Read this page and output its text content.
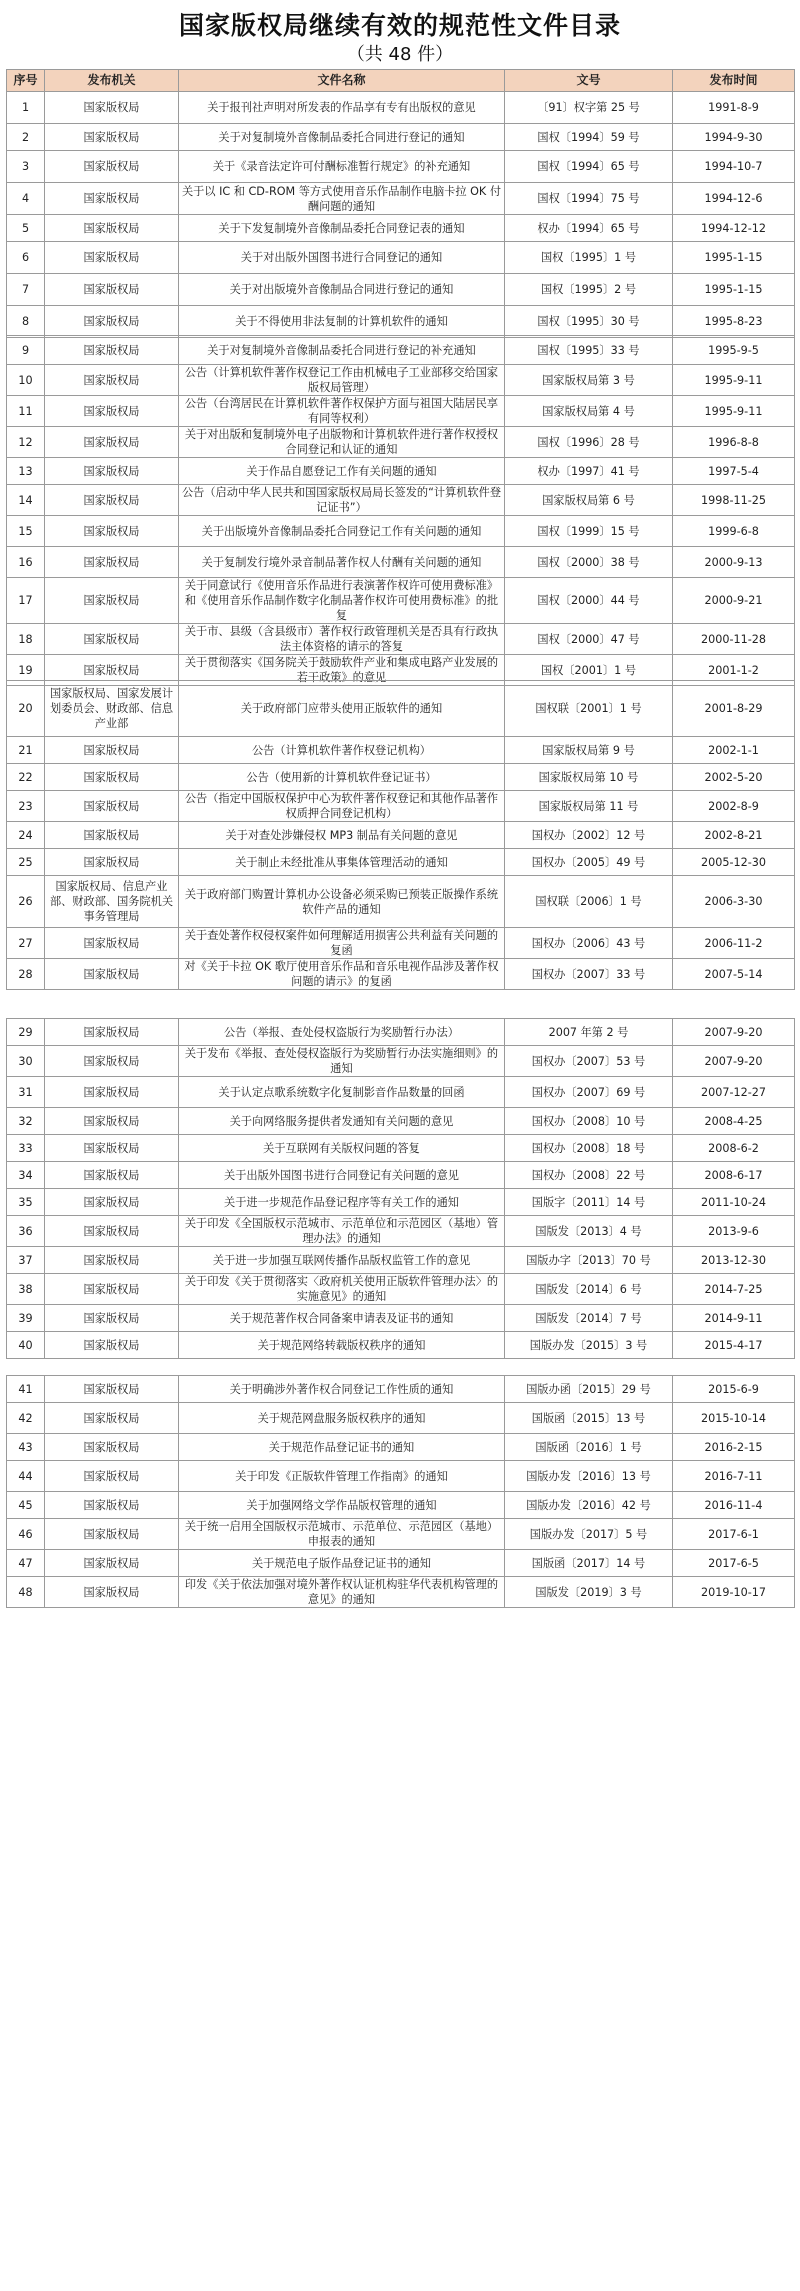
国家版权局继续有效的规范性文件目录
（共 48 件）
序号	发布机关	文件名称	文号	发布时间
1	国家版权局	关于报刊社声明对所发表的作品享有专有出版权的意见	〔91〕权字第 25 号	1991-8-9
2	国家版权局	关于对复制境外音像制品委托合同进行登记的通知	国权〔1994〕59 号	1994-9-30
3	国家版权局	关于《录音法定许可付酬标准暂行规定》的补充通知	国权〔1994〕65 号	1994-10-7
4	国家版权局	关于以 IC 和 CD-ROM 等方式使用音乐作品制作电脑卡拉 OK 付酬问题的通知	国权〔1994〕75 号	1994-12-6
5	国家版权局	关于下发复制境外音像制品委托合同登记表的通知	权办〔1994〕65 号	1994-12-12
6	国家版权局	关于对出版外国图书进行合同登记的通知	国权〔1995〕1 号	1995-1-15
7	国家版权局	关于对出版境外音像制品合同进行登记的通知	国权〔1995〕2 号	1995-1-15
8	国家版权局	关于不得使用非法复制的计算机软件的通知	国权〔1995〕30 号	1995-8-23
9	国家版权局	关于对复制境外音像制品委托合同进行登记的补充通知	国权〔1995〕33 号	1995-9-5
10	国家版权局	公告（计算机软件著作权登记工作由机械电子工业部移交给国家版权局管理）	国家版权局第 3 号	1995-9-11
11	国家版权局	公告（台湾居民在计算机软件著作权保护方面与祖国大陆居民享有同等权利）	国家版权局第 4 号	1995-9-11
12	国家版权局	关于对出版和复制境外电子出版物和计算机软件进行著作权授权合同登记和认证的通知	国权〔1996〕28 号	1996-8-8
13	国家版权局	关于作品自愿登记工作有关问题的通知	权办〔1997〕41 号	1997-5-4
14	国家版权局	公告（启动中华人民共和国国家版权局局长签发的“计算机软件登记证书”）	国家版权局第 6 号	1998-11-25
15	国家版权局	关于出版境外音像制品委托合同登记工作有关问题的通知	国权〔1999〕15 号	1999-6-8
16	国家版权局	关于复制发行境外录音制品著作权人付酬有关问题的通知	国权〔2000〕38 号	2000-9-13
17	国家版权局	关于同意试行《使用音乐作品进行表演著作权许可使用费标准》和《使用音乐作品制作数字化制品著作权许可使用费标准》的批复	国权〔2000〕44 号	2000-9-21
18	国家版权局	关于市、县级（含县级市）著作权行政管理机关是否具有行政执法主体资格的请示的答复	国权〔2000〕47 号	2000-11-28
19	国家版权局	关于贯彻落实《国务院关于鼓励软件产业和集成电路产业发展的若干政策》的意见	国权〔2001〕1 号	2001-1-2
20	国家版权局、国家发展计划委员会、财政部、信息产业部	关于政府部门应带头使用正版软件的通知	国权联〔2001〕1 号	2001-8-29
21	国家版权局	公告（计算机软件著作权登记机构）	国家版权局第 9 号	2002-1-1
22	国家版权局	公告（使用新的计算机软件登记证书）	国家版权局第 10 号	2002-5-20
23	国家版权局	公告（指定中国版权保护中心为软件著作权登记和其他作品著作权质押合同登记机构）	国家版权局第 11 号	2002-8-9
24	国家版权局	关于对查处涉嫌侵权 MP3 制品有关问题的意见	国权办〔2002〕12 号	2002-8-21
25	国家版权局	关于制止未经批准从事集体管理活动的通知	国权办〔2005〕49 号	2005-12-30
26	国家版权局、信息产业部、财政部、国务院机关事务管理局	关于政府部门购置计算机办公设备必须采购已预装正版操作系统软件产品的通知	国权联〔2006〕1 号	2006-3-30
27	国家版权局	关于查处著作权侵权案件如何理解适用损害公共利益有关问题的复函	国权办〔2006〕43 号	2006-11-2
28	国家版权局	对《关于卡拉 OK 歌厅使用音乐作品和音乐电视作品涉及著作权问题的请示》的复函	国权办〔2007〕33 号	2007-5-14
29	国家版权局	公告（举报、查处侵权盗版行为奖励暂行办法）	2007 年第 2 号	2007-9-20
30	国家版权局	关于发布《举报、查处侵权盗版行为奖励暂行办法实施细则》的通知	国权办〔2007〕53 号	2007-9-20
31	国家版权局	关于认定点歌系统数字化复制影音作品数量的回函	国权办〔2007〕69 号	2007-12-27
32	国家版权局	关于向网络服务提供者发通知有关问题的意见	国权办〔2008〕10 号	2008-4-25
33	国家版权局	关于互联网有关版权问题的答复	国权办〔2008〕18 号	2008-6-2
34	国家版权局	关于出版外国图书进行合同登记有关问题的意见	国权办〔2008〕22 号	2008-6-17
35	国家版权局	关于进一步规范作品登记程序等有关工作的通知	国版字〔2011〕14 号	2011-10-24
36	国家版权局	关于印发《全国版权示范城市、示范单位和示范园区（基地）管理办法》的通知	国版发〔2013〕4 号	2013-9-6
37	国家版权局	关于进一步加强互联网传播作品版权监管工作的意见	国版办字〔2013〕70 号	2013-12-30
38	国家版权局	关于印发《关于贯彻落实〈政府机关使用正版软件管理办法〉的实施意见》的通知	国版发〔2014〕6 号	2014-7-25
39	国家版权局	关于规范著作权合同备案申请表及证书的通知	国版发〔2014〕7 号	2014-9-11
40	国家版权局	关于规范网络转载版权秩序的通知	国版办发〔2015〕3 号	2015-4-17
41	国家版权局	关于明确涉外著作权合同登记工作性质的通知	国版办函〔2015〕29 号	2015-6-9
42	国家版权局	关于规范网盘服务版权秩序的通知	国版函〔2015〕13 号	2015-10-14
43	国家版权局	关于规范作品登记证书的通知	国版函〔2016〕1 号	2016-2-15
44	国家版权局	关于印发《正版软件管理工作指南》的通知	国版办发〔2016〕13 号	2016-7-11
45	国家版权局	关于加强网络文学作品版权管理的通知	国版办发〔2016〕42 号	2016-11-4
46	国家版权局	关于统一启用全国版权示范城市、示范单位、示范园区（基地）申报表的通知	国版办发〔2017〕5 号	2017-6-1
47	国家版权局	关于规范电子版作品登记证书的通知	国版函〔2017〕14 号	2017-6-5
48	国家版权局	印发《关于依法加强对境外著作权认证机构驻华代表机构管理的意见》的通知	国版发〔2019〕3 号	2019-10-17
